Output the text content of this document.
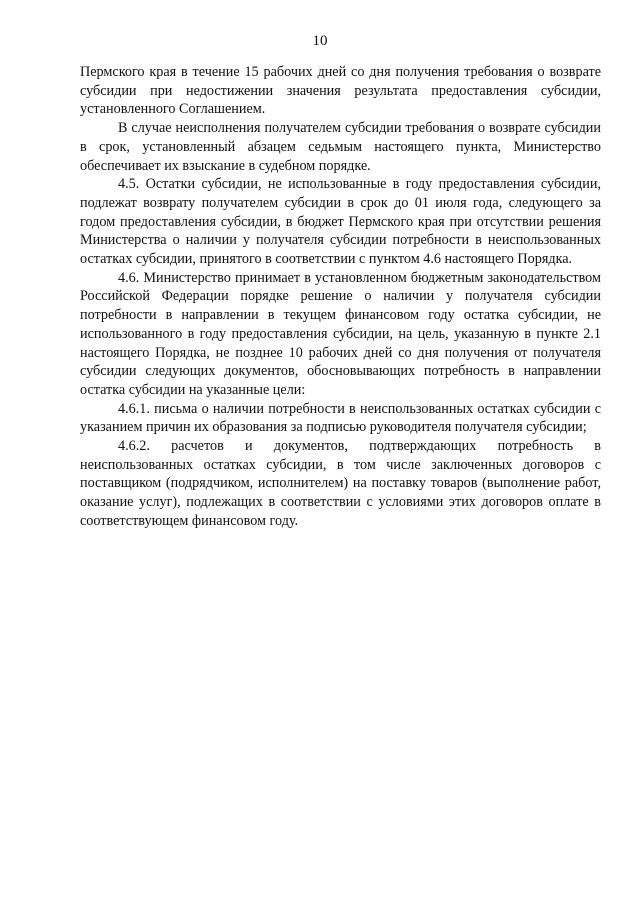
10

Пермского края в течение 15 рабочих дней со дня получения требования о возврате субсидии при недостижении значения результата предоставления субсидии, установленного Соглашением.

В случае неисполнения получателем субсидии требования о возврате субсидии в срок, установленный абзацем седьмым настоящего пункта, Министерство обеспечивает их взыскание в судебном порядке.

4.5. Остатки субсидии, не использованные в году предоставления субсидии, подлежат возврату получателем субсидии в срок до 01 июля года, следующего за годом предоставления субсидии, в бюджет Пермского края при отсутствии решения Министерства о наличии у получателя субсидии потребности в неиспользованных остатках субсидии, принятого в соответствии с пунктом 4.6 настоящего Порядка.

4.6. Министерство принимает в установленном бюджетным законодательством Российской Федерации порядке решение о наличии у получателя субсидии потребности в направлении в текущем финансовом году остатка субсидии, не использованного в году предоставления субсидии, на цель, указанную в пункте 2.1 настоящего Порядка, не позднее 10 рабочих дней со дня получения от получателя субсидии следующих документов, обосновывающих потребность в направлении остатка субсидии на указанные цели:

4.6.1. письма о наличии потребности в неиспользованных остатках субсидии с указанием причин их образования за подписью руководителя получателя субсидии;

4.6.2. расчетов и документов, подтверждающих потребность в неиспользованных остатках субсидии, в том числе заключенных договоров с поставщиком (подрядчиком, исполнителем) на поставку товаров (выполнение работ, оказание услуг), подлежащих в соответствии с условиями этих договоров оплате в соответствующем финансовом году.
